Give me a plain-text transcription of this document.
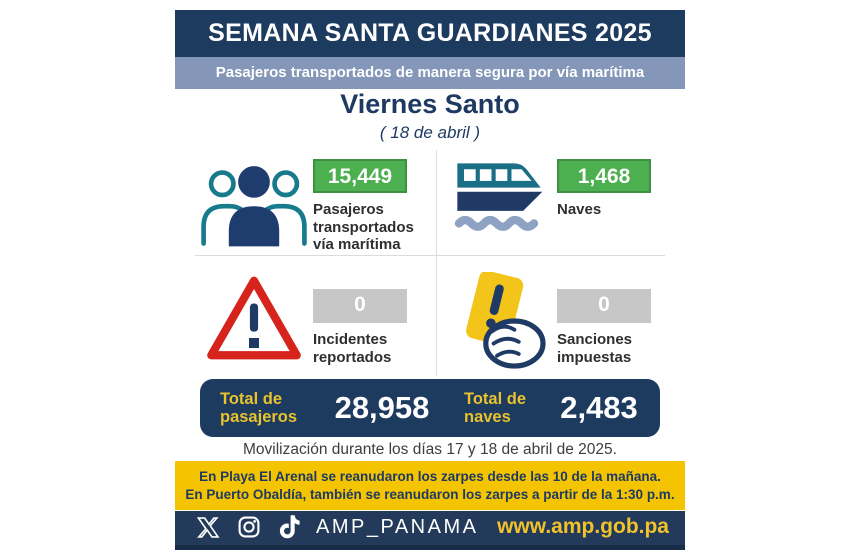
SEMANA SANTA GUARDIANES 2025
Pasajeros transportados de manera segura por vía marítima
Viernes Santo
( 18 de abril )
15,449
Pasajeros transportados vía marítima
1,468
Naves
0
Incidentes reportados
0
Sanciones impuestas
Total de pasajeros	28,958	Total de naves	2,483
Movilización durante los días 17 y 18 de abril de 2025.
En Playa El Arenal se reanudaron los zarpes desde las 10 de la mañana.
En Puerto Obaldía, también se reanudaron los zarpes a partir de la 1:30 p.m.
AMP_PANAMA www.amp.gob.pa
